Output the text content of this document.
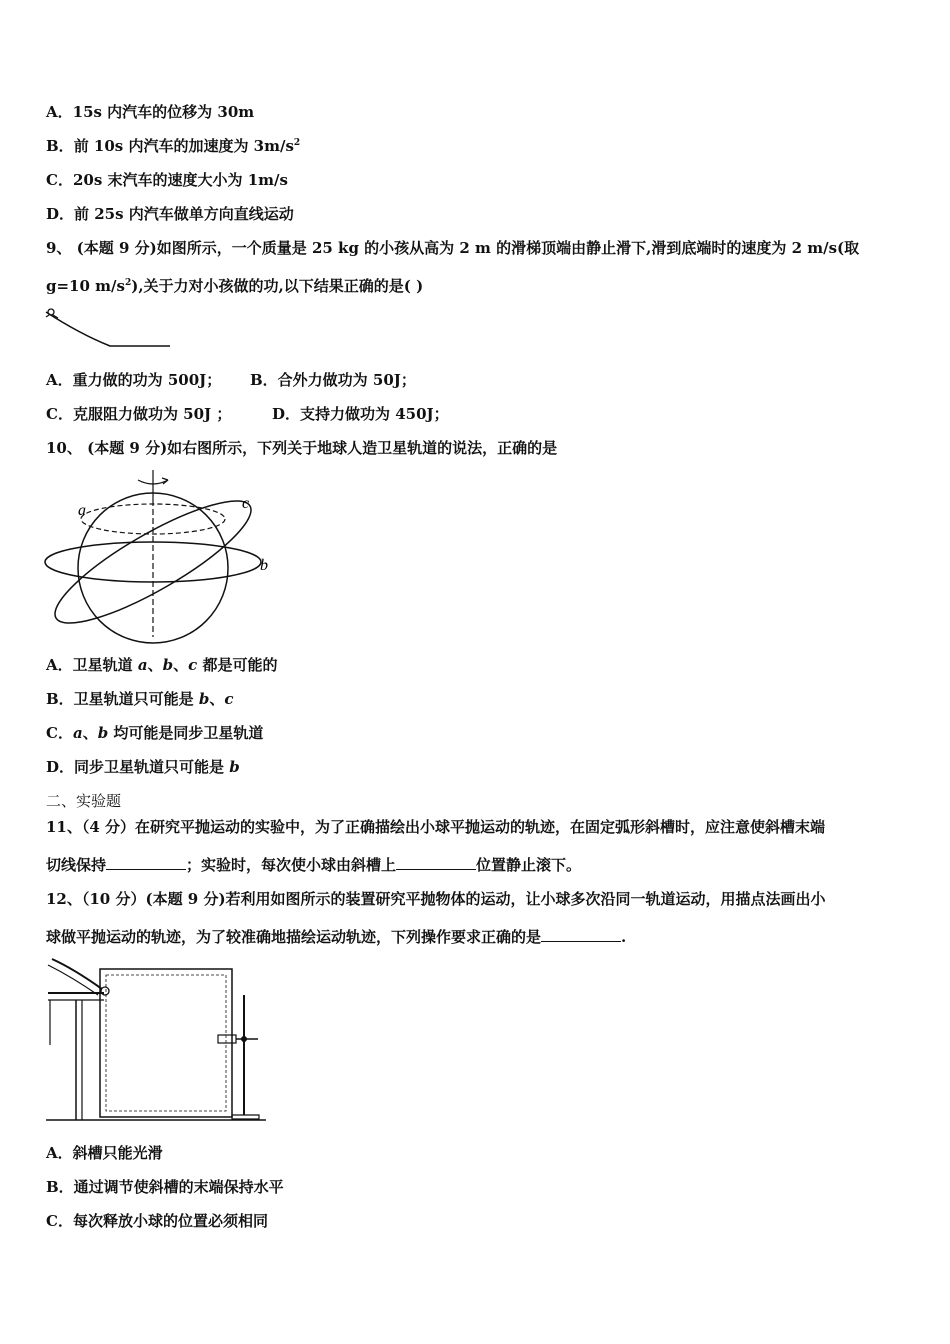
A．15s 内汽车的位移为 30m
B．前 10s 内汽车的加速度为 $3m/s^2$
C．20s 末汽车的速度大小为 1m/s
D．前 25s 内汽车做单方向直线运动
9、 (本题 9 分)如图所示，一个质量是 25 kg 的小孩从高为 2 m 的滑梯顶端由静止滑下,滑到底端时的速度为 2 m/s(取
g=10 $m/s^2$),关于力对小孩做的功,以下结果正确的是( )
A．重力做的功为 500J； B．合外力做功为 50J；
C．克服阻力做功为 50J ；	D．支持力做功为 450J；
10、 (本题 9 分)如右图所示，下列关于地球人造卫星轨道的说法，正确的是
a	c
b
A．卫星轨道 a、b、c 都是可能的
B．卫星轨道只可能是 b、c
C．a、b 均可能是同步卫星轨道
D．同步卫星轨道只可能是 b
二、实验题
11、（4 分）在研究平抛运动的实验中，为了正确描绘出小球平抛运动的轨迹，在固定弧形斜槽时，应注意使斜槽末端
切线保持	；实验时，每次使小球由斜槽上	位置静止滚下。
12、（10 分）(本题 9 分)若利用如图所示的装置研究平抛物体的运动，让小球多次沿同一轨道运动，用描点法画出小
球做平抛运动的轨迹，为了较准确地描绘运动轨迹，下列操作要求正确的是	.
A．斜槽只能光滑
B．通过调节使斜槽的末端保持水平
C．每次释放小球的位置必须相同
